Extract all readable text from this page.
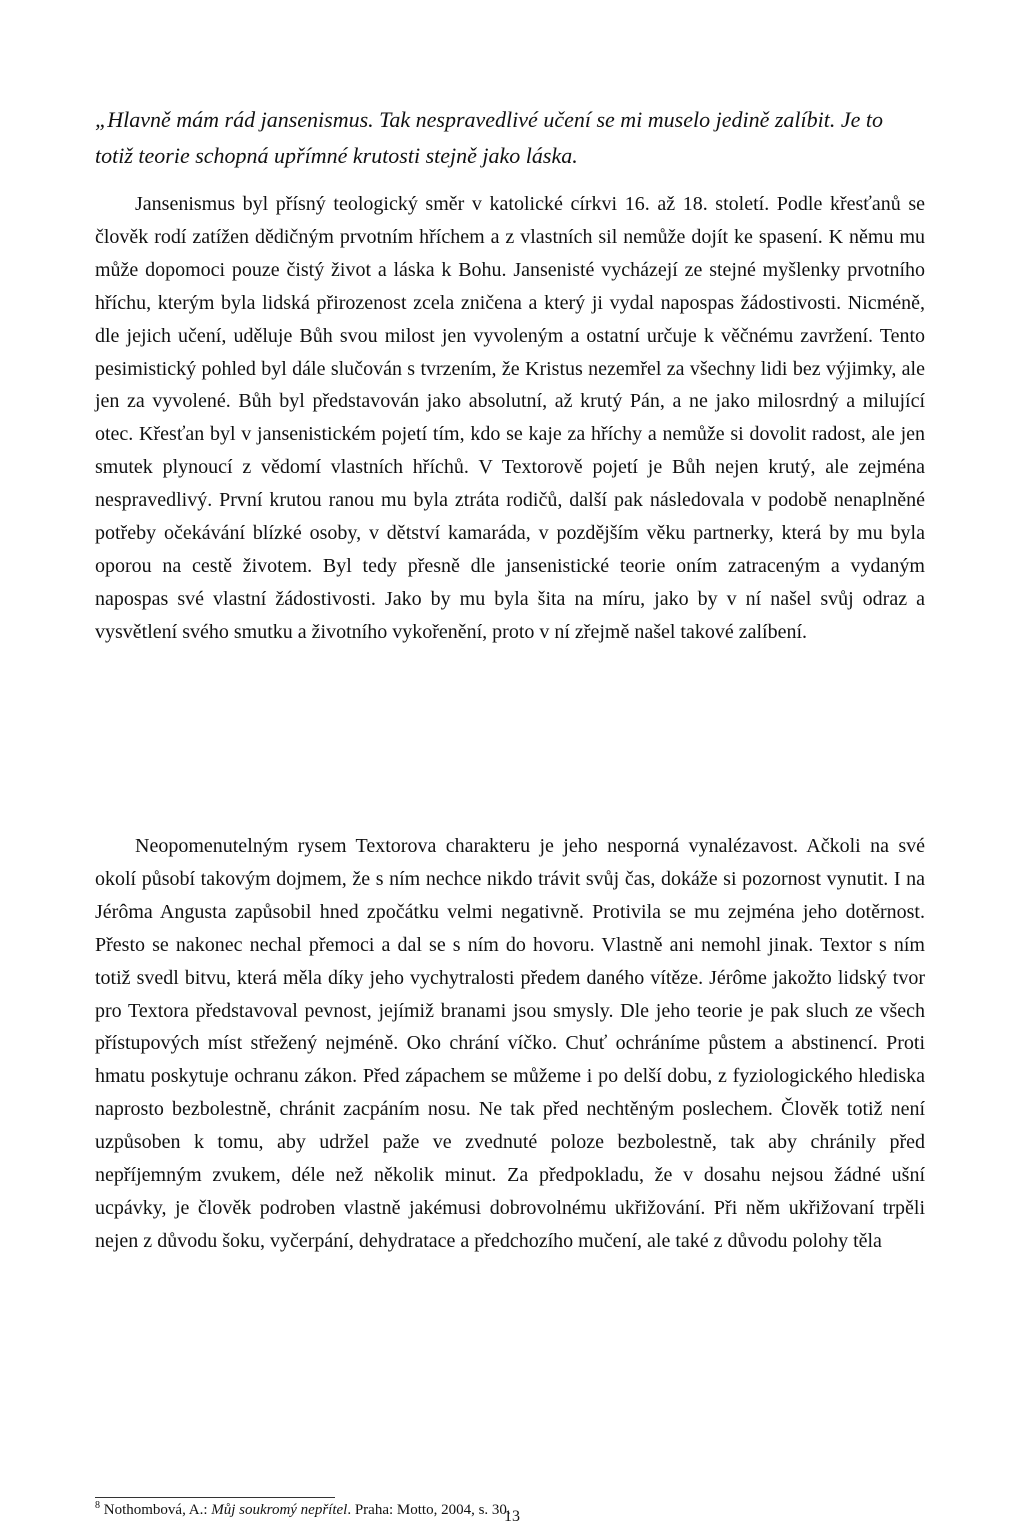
„Hlavně mám rád jansenismus. Tak nespravedlivé učení se mi muselo jedině zalíbit. Je to totiž teorie schopná upřímné krutosti stejně jako láska.

Jansenismus byl přísný teologický směr v katolické církvi 16. až 18. století. Podle křesťanů se člověk rodí zatížen dědičným prvotním hříchem a z vlastních sil nemůže dojít ke spasení. K němu mu může dopomoci pouze čistý život a láska k Bohu. Jansenisté vycházejí ze stejné myšlenky prvotního hříchu, kterým byla lidská přirozenost zcela zničena a který ji vydal napospas žádostivosti. Nicméně, dle jejich učení, uděluje Bůh svou milost jen vyvoleným a ostatní určuje k věčnému zavržení. Tento pesimistický pohled byl dále slučován s tvrzením, že Kristus nezemřel za všechny lidi bez výjimky, ale jen za vyvolené. Bůh byl představován jako absolutní, až krutý Pán, a ne jako milosrdný a milující otec. Křesťan byl v jansenistickém pojetí tím, kdo se kaje za hříchy a nemůže si dovolit radost, ale jen smutek plynoucí z vědomí vlastních hříchů. V Textorově pojetí je Bůh nejen krutý, ale zejména nespravedlivý. První krutou ranou mu byla ztráta rodičů, další pak následovala v podobě nenaplněné potřeby očekávání blízké osoby, v dětství kamaráda, v pozdějším věku partnerky, která by mu byla oporou na cestě životem. Byl tedy přesně dle jansenistické teorie oním zatraceným a vydaným napospas své vlastní žádostivosti. Jako by mu byla šita na míru, jako by v ní našel svůj odraz a vysvětlení svého smutku a životního vykořenění, proto v ní zřejmě našel takové zalíbení.

Neopomenutelným rysem Textorova charakteru je jeho nesporná vynalézavost. Ačkoli na své okolí působí takovým dojmem, že s ním nechce nikdo trávit svůj čas, dokáže si pozornost vynutit. I na Jérôma Angusta zapůsobil hned zpočátku velmi negativně. Protivila se mu zejména jeho dotěrnost. Přesto se nakonec nechal přemoci a dal se s ním do hovoru. Vlastně ani nemohl jinak. Textor s ním totiž svedl bitvu, která měla díky jeho vychytralosti předem daného vítěze. Jérôme jakožto lidský tvor pro Textora představoval pevnost, jejímiž branami jsou smysly. Dle jeho teorie je pak sluch ze všech přístupových míst střežený nejméně. Oko chrání víčko. Chuť ochráníme půstem a abstinencí. Proti hmatu poskytuje ochranu zákon. Před zápachem se můžeme i po delší dobu, z fyziologického hlediska naprosto bezbolestně, chránit zacpáním nosu. Ne tak před nechtěným poslechem. Člověk totiž není uzpůsoben k tomu, aby udržel paže ve zvednuté poloze bezbolestně, tak aby chránily před nepříjemným zvukem, déle než několik minut. Za předpokladu, že v dosahu nejsou žádné ušní ucpávky, je člověk podroben vlastně jakémusi dobrovolnému ukřižování. Při něm ukřižovaní trpěli nejen z důvodu šoku, vyčerpání, dehydratace a předchozího mučení, ale také z důvodu polohy těla

$^8$ Nothombová, A.: Můj soukromý nepřítel. Praha: Motto, 2004, s. 30.

13
